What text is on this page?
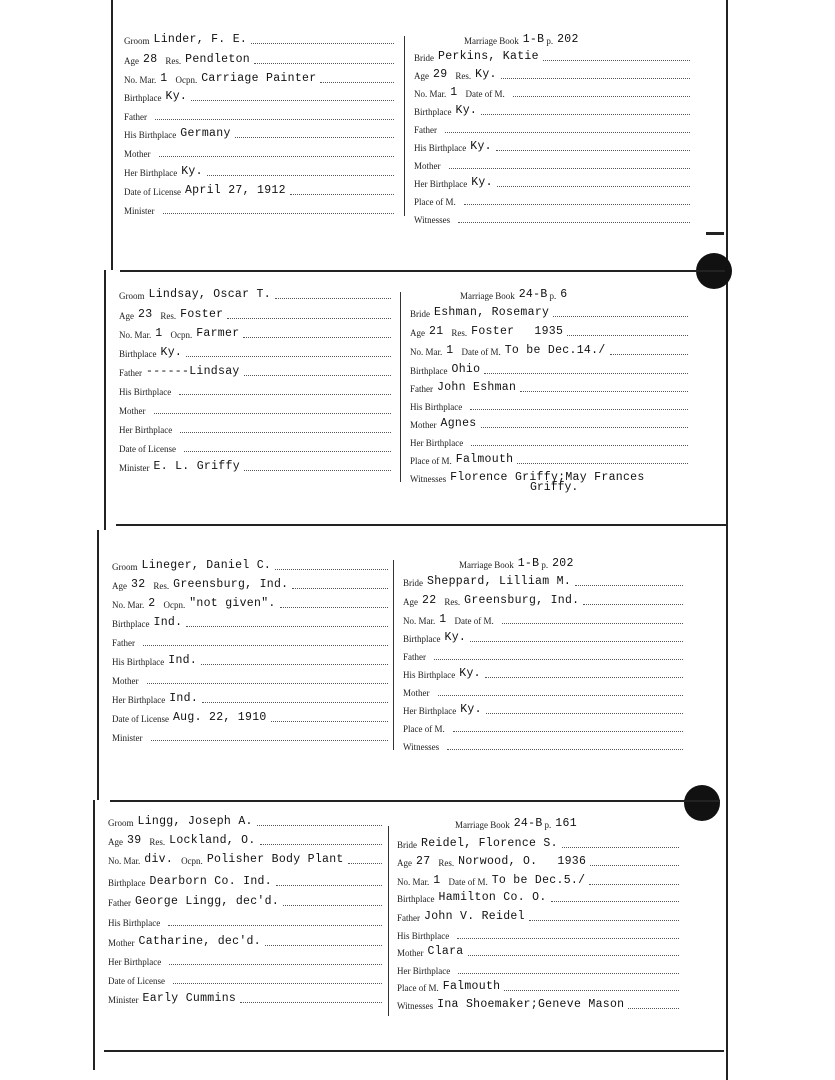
Groom Linder, F. E.
Age 28 Res. Pendleton
No. Mar. 1 Ocpn. Carriage Painter
Birthplace Ky.
Father
His Birthplace Germany
Mother
Her Birthplace Ky.
Date of License April 27, 1912
Minister
Marriage Book 1-B p. 202
Bride Perkins, Katie
Age 29 Res. Ky.
No. Mar. 1 Date of M.
Birthplace Ky.
Father
His Birthplace Ky.
Mother
Her Birthplace Ky.
Place of M.
Witnesses
Groom Lindsay, Oscar T.
Age 23 Res. Foster
No. Mar. 1 Ocpn. Farmer
Birthplace Ky.
Father ------Lindsay
His Birthplace
Mother
Her Birthplace
Date of License
Minister E. L. Griffy
Marriage Book 24-B p. 6
Bride Eshman, Rosemary
Age 21 Res. Foster 1935
No. Mar. 1 Date of M. To be Dec.14./
Birthplace Ohio
Father John Eshman
His Birthplace
Mother Agnes
Her Birthplace
Place of M. Falmouth
Witnesses Florence Griffy;May Frances
Griffy.
Groom Lineger, Daniel C.
Age 32 Res. Greensburg, Ind.
No. Mar. 2 Ocpn. "not given".
Birthplace Ind.
Father
His Birthplace Ind.
Mother
Her Birthplace Ind.
Date of License Aug. 22, 1910
Minister
Marriage Book 1-B p. 202
Bride Sheppard, Lilliam M.
Age 22 Res. Greensburg, Ind.
No. Mar. 1 Date of M.
Birthplace Ky.
Father
His Birthplace Ky.
Mother
Her Birthplace Ky.
Place of M.
Witnesses
Groom Lingg, Joseph A.
Age 39 Res. Lockland, O.
No. Mar. div. Ocpn. Polisher Body Plant
Birthplace Dearborn Co. Ind.
Father George Lingg, dec'd.
His Birthplace
Mother Catharine, dec'd.
Her Birthplace
Date of License
Minister Early Cummins
Marriage Book 24-B p. 161
Bride Reidel, Florence S.
Age 27 Res. Norwood, O. 1936
No. Mar. 1 Date of M. To be Dec.5./
Birthplace Hamilton Co. O.
Father John V. Reidel
His Birthplace
Mother Clara
Her Birthplace
Place of M. Falmouth
Witnesses Ina Shoemaker;Geneve Mason
